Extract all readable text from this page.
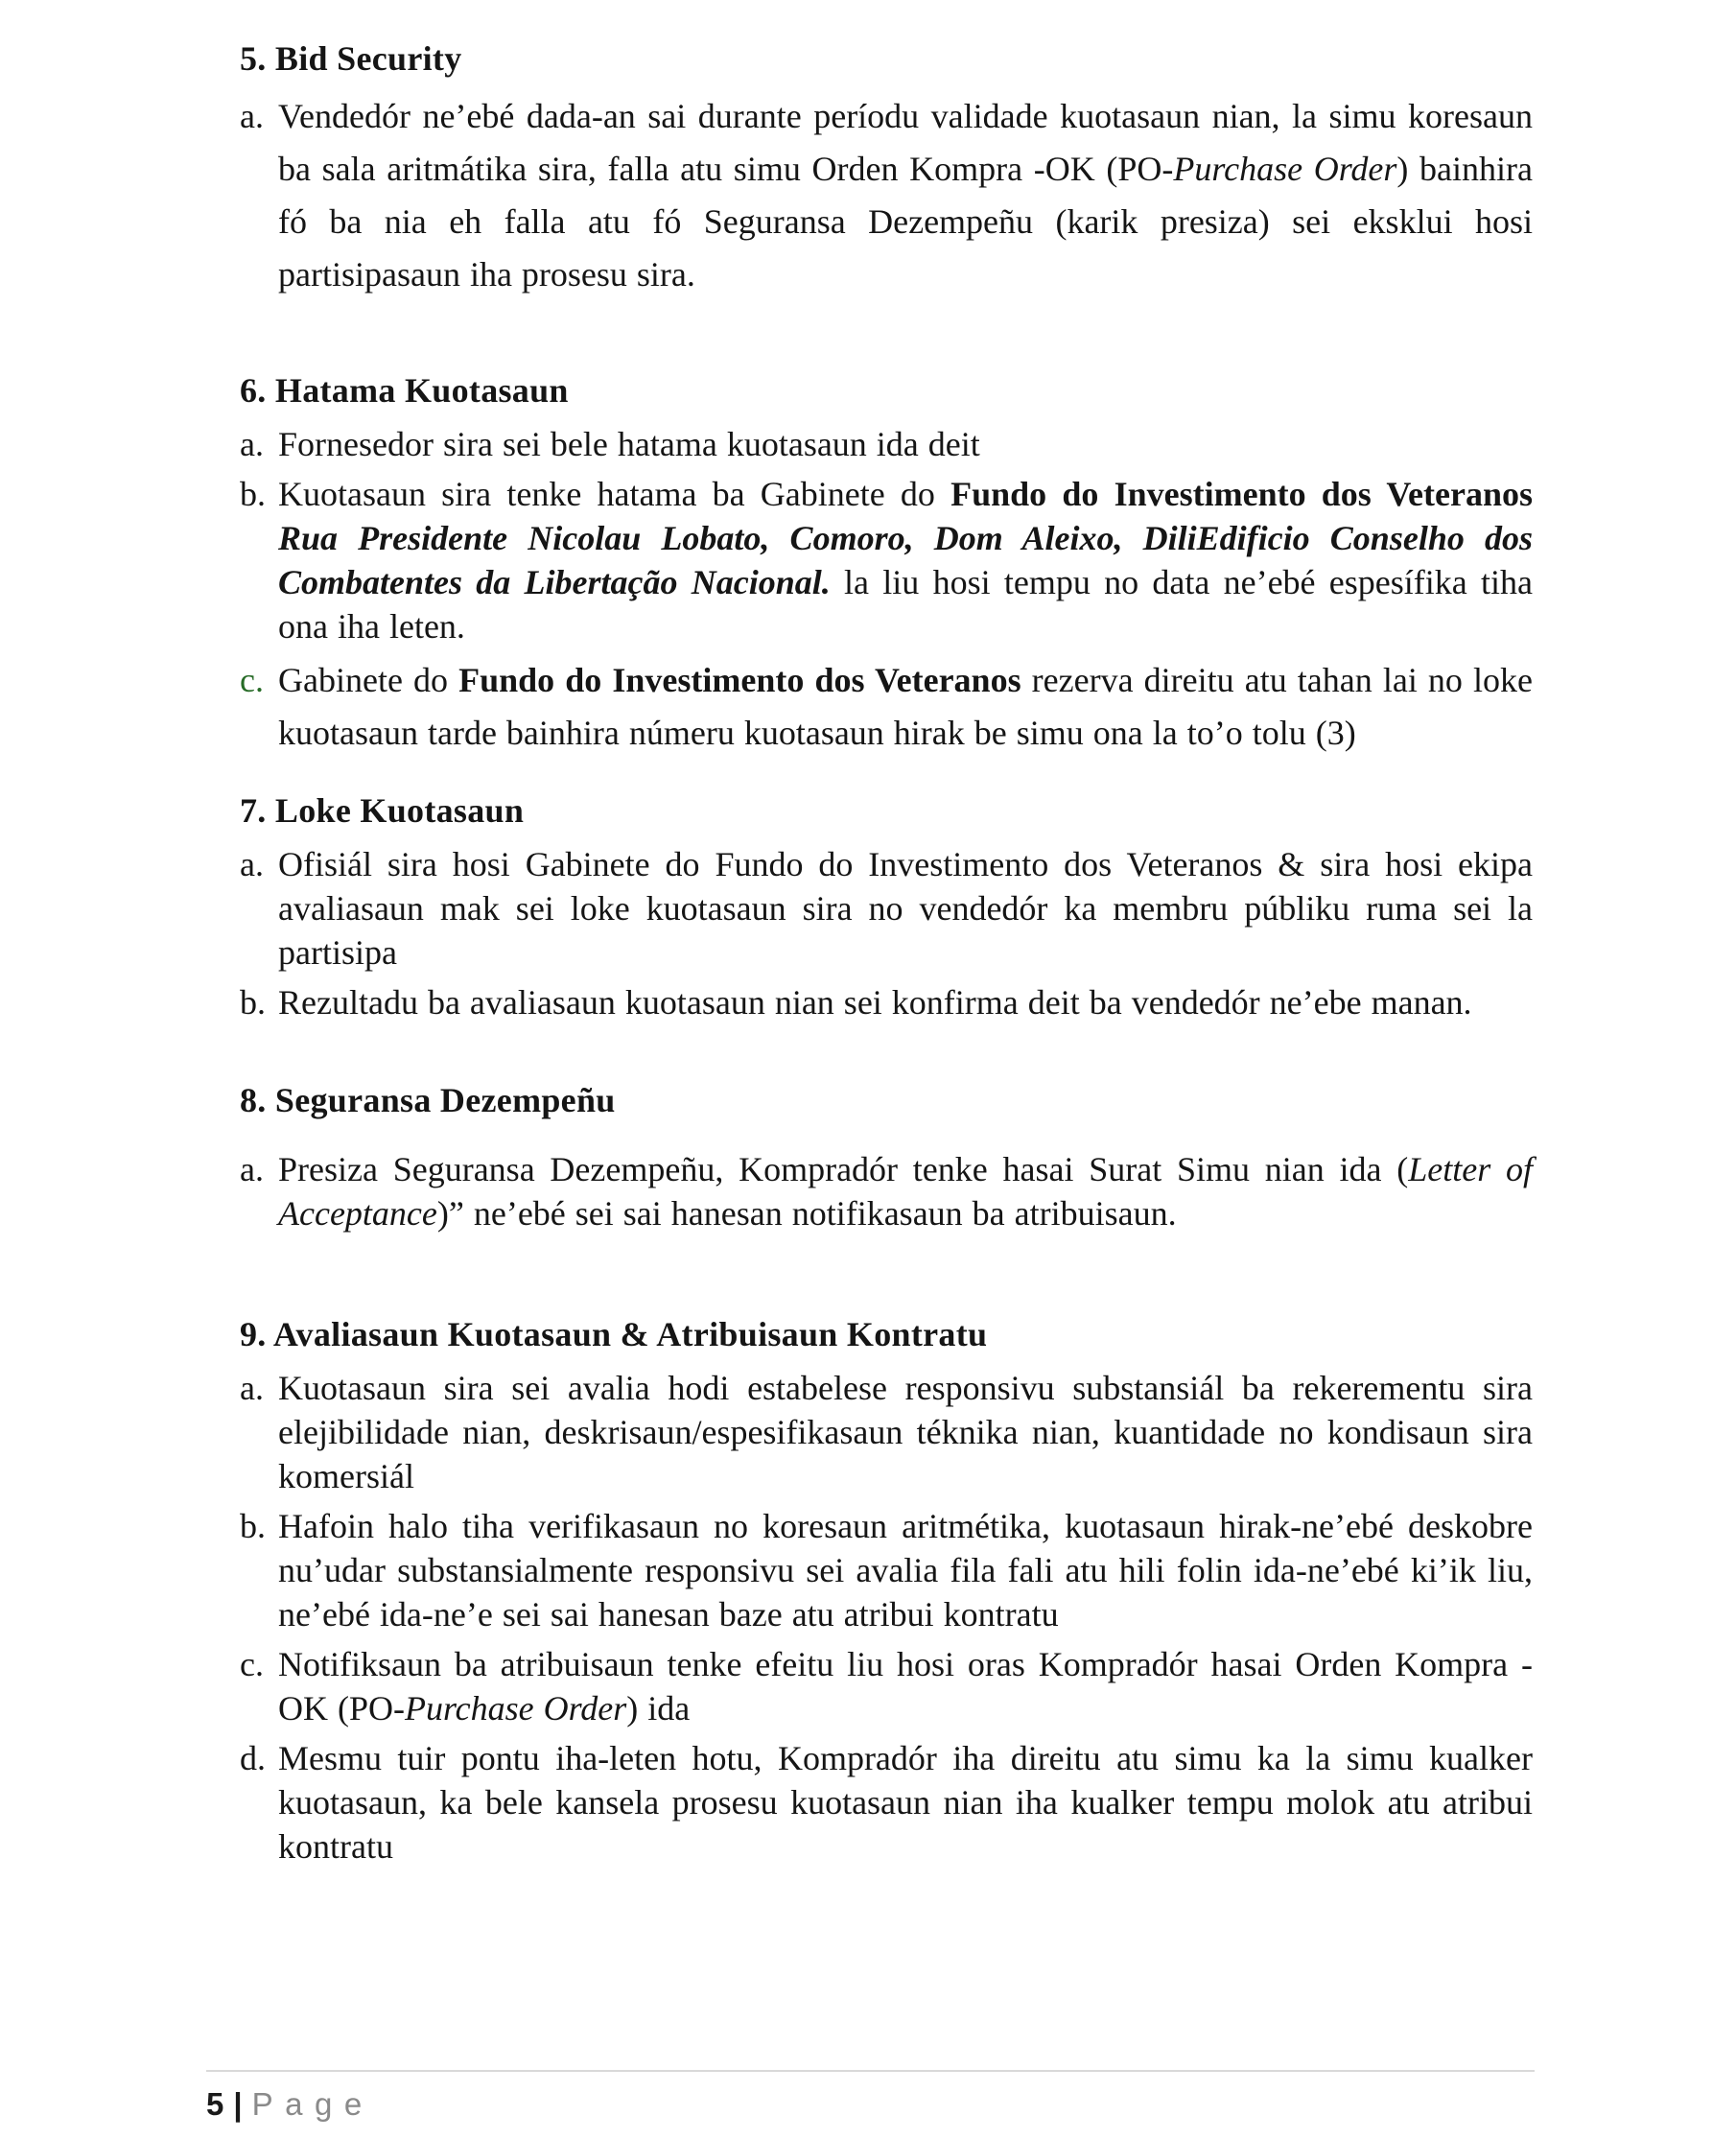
5. Bid Security

a. Vendedór ne’ebé dada-an sai durante períodu validade kuotasaun nian, la simu koresaun ba sala aritmátika sira, falla atu simu Orden Kompra -OK (PO-Purchase Order) bainhira fó ba nia eh falla atu fó Seguransa Dezempeñu (karik presiza) sei eksklui hosi partisipasaun iha prosesu sira.

6. Hatama Kuotasaun

a. Fornesedor sira sei bele hatama kuotasaun ida deit

b. Kuotasaun sira tenke hatama ba Gabinete do Fundo do Investimento dos Veteranos Rua Presidente Nicolau Lobato, Comoro, Dom Aleixo, DiliEdificio Conselho dos Combatentes da Libertação Nacional. la liu hosi tempu no data ne’ebé espesífika tiha ona iha leten.

c. Gabinete do Fundo do Investimento dos Veteranos rezerva direitu atu tahan lai no loke kuotasaun tarde bainhira númeru kuotasaun hirak be simu ona la to’o tolu (3)

7. Loke Kuotasaun

a. Ofisiál sira hosi Gabinete do Fundo do Investimento dos Veteranos & sira hosi ekipa avaliasaun mak sei loke kuotasaun sira no vendedór ka membru públiku ruma sei la partisipa

b. Rezultadu ba avaliasaun kuotasaun nian sei konfirma deit ba vendedór ne’ebe manan.

8. Seguransa Dezempeñu

a. Presiza Seguransa Dezempeñu, Kompradór tenke hasai Surat Simu nian ida (Letter of Acceptance)” ne’ebé sei sai hanesan notifikasaun ba atribuisaun.

9. Avaliasaun Kuotasaun & Atribuisaun Kontratu

a. Kuotasaun sira sei avalia hodi estabelese responsivu substansiál ba rekerementu sira elejibilidade nian, deskrisaun/espesifikasaun téknika nian, kuantidade no kondisaun sira komersiál

b. Hafoin halo tiha verifikasaun no koresaun aritmétika, kuotasaun hirak-ne’ebé deskobre nu’udar substansialmente responsivu sei avalia fila fali atu hili folin ida-ne’ebé ki’ik liu, ne’ebé ida-ne’e sei sai hanesan baze atu atribui kontratu

c. Notifiksaun ba atribuisaun tenke efeitu liu hosi oras Kompradór hasai Orden Kompra - OK (PO-Purchase Order) ida

d. Mesmu tuir pontu iha-leten hotu, Kompradór iha direitu atu simu ka la simu kualker kuotasaun, ka bele kansela prosesu kuotasaun nian iha kualker tempu molok atu atribui kontratu

5 | Page
